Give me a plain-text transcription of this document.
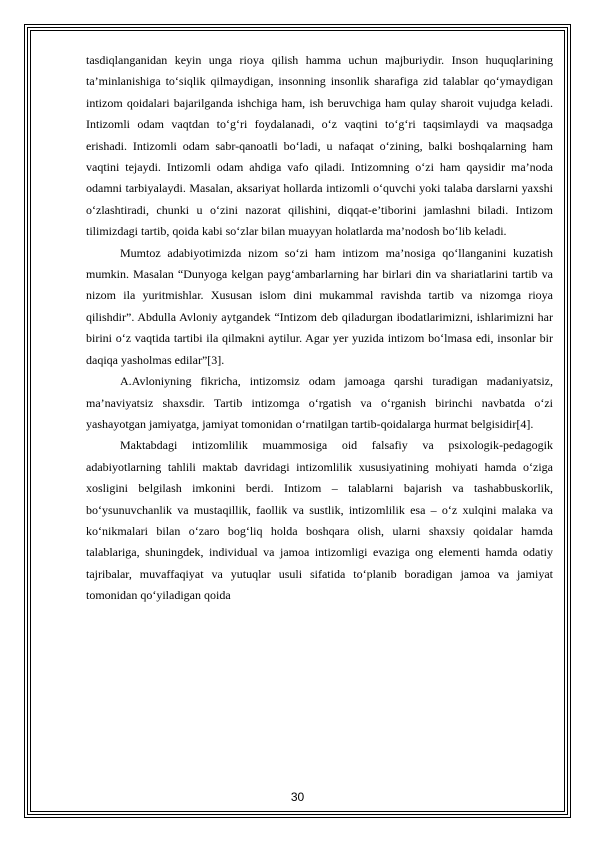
tasdiqlanganidan keyin unga rioya qilish hamma uchun majburiydir. Inson huquqlarining ta’minlanishiga to‘siqlik qilmaydigan, insonning insonlik sharafiga zid talablar qo‘ymaydigan intizom qoidalari bajarilganda ishchiga ham, ish beruvchiga ham qulay sharoit vujudga keladi. Intizomli odam vaqtdan to‘g‘ri foydalanadi, o‘z vaqtini to‘g‘ri taqsimlaydi va maqsadga erishadi. Intizomli odam sabr-qanoatli bo‘ladi, u nafaqat o‘zining, balki boshqalarning ham vaqtini tejaydi. Intizomli odam ahdiga vafo qiladi. Intizomning o‘zi ham qaysidir ma’noda odamni tarbiyalaydi. Masalan, aksariyat hollarda intizomli o‘quvchi yoki talaba darslarni yaxshi o‘zlashtiradi, chunki u o‘zini nazorat qilishini, diqqat-e’tiborini jamlashni biladi. Intizom tilimizdagi tartib, qoida kabi so‘zlar bilan muayyan holatlarda ma’nodosh bo‘lib keladi.

Mumtoz adabiyotimizda nizom so‘zi ham intizom ma’nosiga qo‘llanganini kuzatish mumkin. Masalan “Dunyoga kelgan payg‘ambarlarning har birlari din va shariatlarini tartib va nizom ila yuritmishlar. Xususan islom dini mukammal ravishda tartib va nizomga rioya qilishdir”. Abdulla Avloniy aytgandek “Intizom deb qiladurgan ibodatlarimizni, ishlarimizni har birini o‘z vaqtida tartibi ila qilmakni aytilur. Agar yer yuzida intizom bo‘lmasa edi, insonlar bir daqiqa yasholmas edilar”[3].

A.Avloniyning fikricha, intizomsiz odam jamoaga qarshi turadigan madaniyatsiz, ma’naviyatsiz shaxsdir. Tartib intizomga o‘rgatish va o‘rganish birinchi navbatda o‘zi yashayotgan jamiyatga, jamiyat tomonidan o‘rnatilgan tartib-qoidalarga hurmat belgisidir[4].

Maktabdagi intizomlilik muammosiga oid falsafiy va psixologik-pedagogik adabiyotlarning tahlili maktab davridagi intizomlilik xususiyatining mohiyati hamda o‘ziga xosligini belgilash imkonini berdi. Intizom – talablarni bajarish va tashabbuskorlik, bo‘ysunuvchanlik va mustaqillik, faollik va sustlik, intizomlilik esa – o‘z xulqini malaka va ko‘nikmalari bilan o‘zaro bog‘liq holda boshqara olish, ularni shaxsiy qoidalar hamda talablariga, shuningdek, individual va jamoa intizomligi evaziga ong elementi hamda odatiy tajribalar, muvaffaqiyat va yutuqlar usuli sifatida to‘planib boradigan jamoa va jamiyat tomonidan qo‘yiladigan qoida

30
